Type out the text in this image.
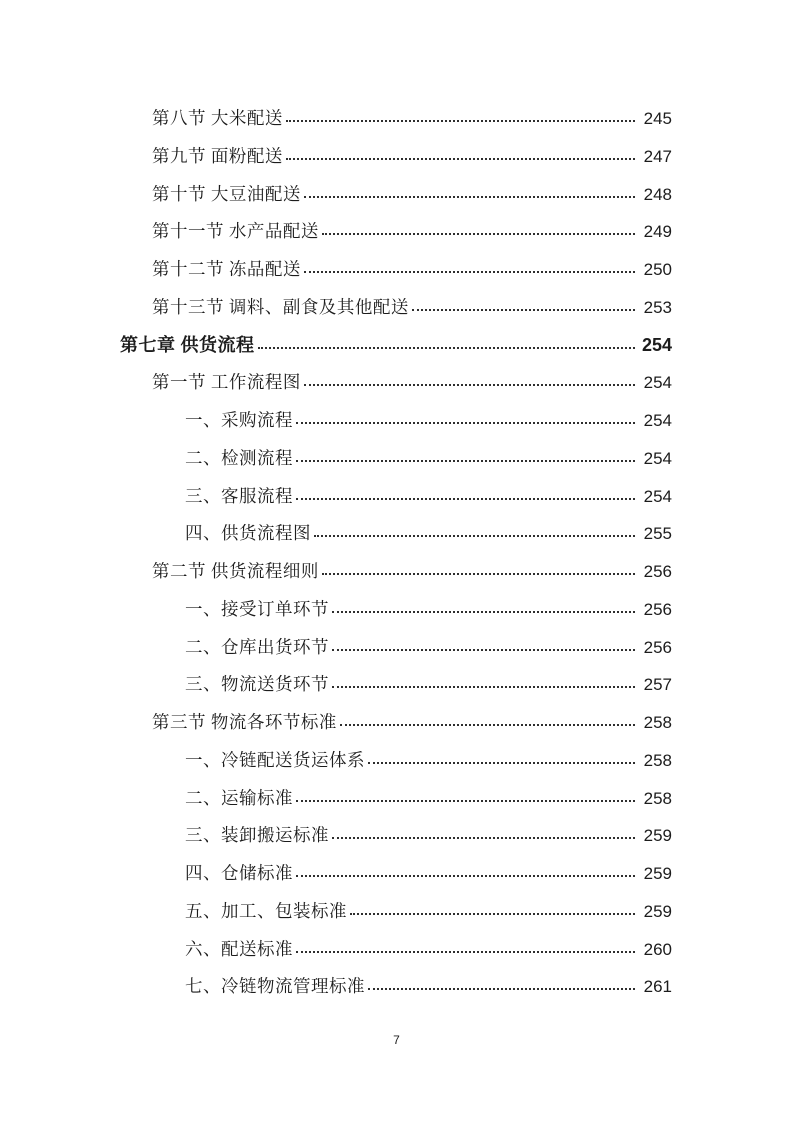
第八节 大米配送	245
第九节 面粉配送	247
第十节 大豆油配送	248
第十一节 水产品配送	249
第十二节 冻品配送	250
第十三节 调料、副食及其他配送	253
第七章 供货流程	254
第一节 工作流程图	254
一、采购流程	254
二、检测流程	254
三、客服流程	254
四、供货流程图	255
第二节 供货流程细则	256
一、接受订单环节	256
二、仓库出货环节	256
三、物流送货环节	257
第三节 物流各环节标准	258
一、冷链配送货运体系	258
二、运输标准	258
三、装卸搬运标准	259
四、仓储标准	259
五、加工、包装标准	259
六、配送标准	260
七、冷链物流管理标准	261
7
